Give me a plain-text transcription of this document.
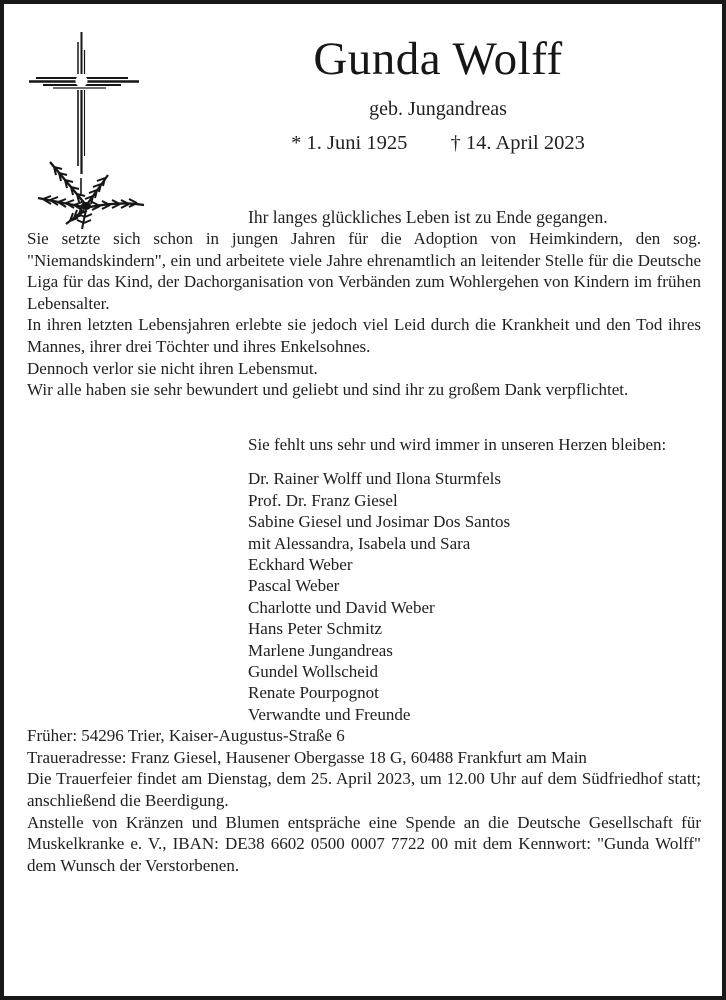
Gunda Wolff
geb. Jungandreas
* 1. Juni 1925 † 14. April 2023
Ihr langes glückliches Leben ist zu Ende gegangen.

Sie setzte sich schon in jungen Jahren für die Adoption von Heimkindern, den sog. "Niemandskindern", ein und arbeitete viele Jahre ehrenamtlich an leitender Stelle für die Deutsche Liga für das Kind, der Dachorganisation von Verbänden zum Wohlergehen von Kindern im frühen Lebensalter.

In ihren letzten Lebensjahren erlebte sie jedoch viel Leid durch die Krankheit und den Tod ihres Mannes, ihrer drei Töchter und ihres Enkelsohnes.

Dennoch verlor sie nicht ihren Lebensmut.

Wir alle haben sie sehr bewundert und geliebt und sind ihr zu großem Dank verpflichtet.

Sie fehlt uns sehr und wird immer in unseren Herzen bleiben:
Dr. Rainer Wolff und Ilona Sturmfels
Prof. Dr. Franz Giesel
Sabine Giesel und Josimar Dos Santos
mit Alessandra, Isabela und Sara
Eckhard Weber
Pascal Weber
Charlotte und David Weber
Hans Peter Schmitz
Marlene Jungandreas
Gundel Wollscheid
Renate Pourpognot
Verwandte und Freunde

Früher: 54296 Trier, Kaiser-Augustus-Straße 6

Traueradresse: Franz Giesel, Hausener Obergasse 18 G, 60488 Frankfurt am Main

Die Trauerfeier findet am Dienstag, dem 25. April 2023, um 12.00 Uhr auf dem Südfriedhof statt; anschließend die Beerdigung.

Anstelle von Kränzen und Blumen entspräche eine Spende an die Deutsche Gesellschaft für Muskelkranke e. V., IBAN: DE38 6602 0500 0007 7722 00 mit dem Kennwort: "Gunda Wolff" dem Wunsch der Verstorbenen.
